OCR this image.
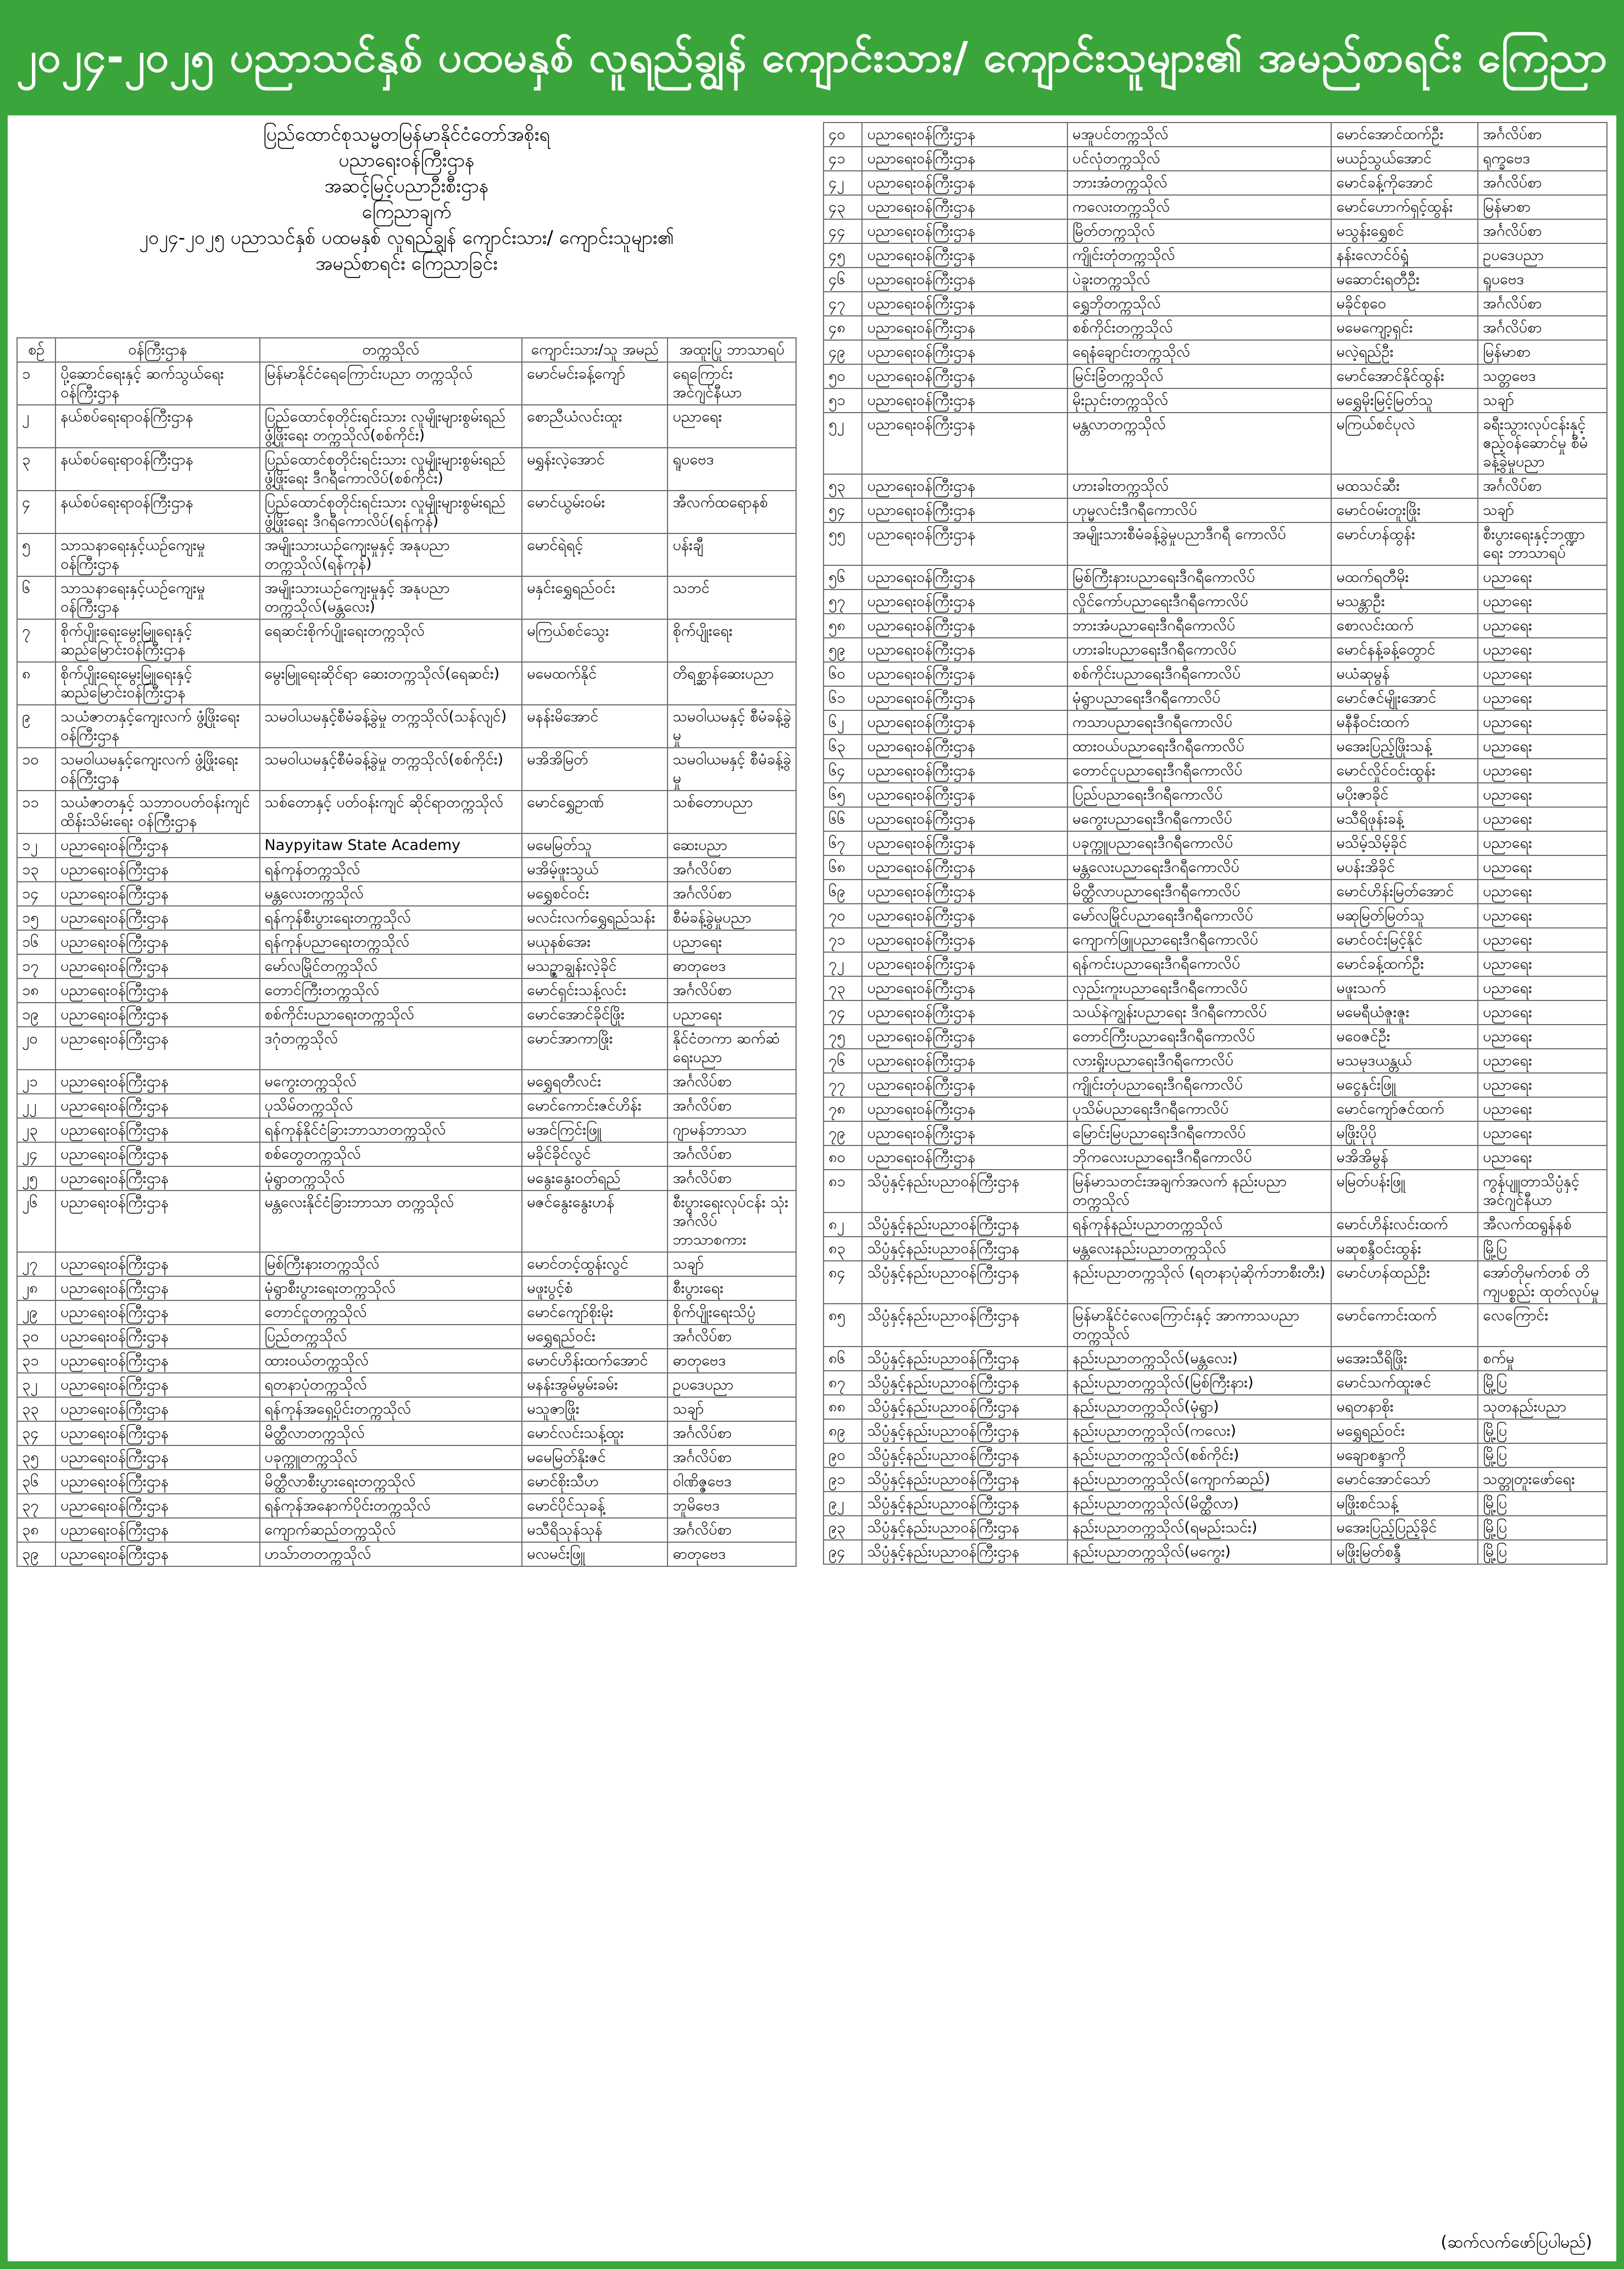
၂၀၂၄-၂၀၂၅ ပညာသင်နှစ် ပထမနှစ် လူရည်ချွန် ကျောင်းသား/ ကျောင်းသူများ၏ အမည်စာရင်း ကြေညာ
ပြည်ထောင်စုသမ္မတမြန်မာနိုင်ငံတော်အစိုးရ
ပညာရေးဝန်ကြီးဌာန
အဆင့်မြင့်ပညာဦးစီးဌာန
ကြေညာချက်
၂၀၂၄-၂၀၂၅ ပညာသင်နှစ် ပထမနှစ် လူရည်ချွန် ကျောင်းသား/ ကျောင်းသူများ၏
အမည်စာရင်း ကြေညာခြင်း
စဉ်	ဝန်ကြီးဌာန	တက္ကသိုလ်	ကျောင်းသား/သူ အမည်	အထူးပြု ဘာသာရပ်
၁	ပို့ဆောင်ရေးနှင့် ဆက်သွယ်ရေးဝန်ကြီးဌာန	မြန်မာနိုင်ငံရေကြောင်းပညာ တက္ကသိုလ်	မောင်မင်းခန့်ကျော်	ရေကြောင်း အင်ဂျင်နီယာ
၂	နယ်စပ်ရေးရာဝန်ကြီးဌာန	ပြည်ထောင်စုတိုင်းရင်းသား လူမျိုးများစွမ်းရည်ဖွံ့ဖြိုးရေး တက္ကသိုလ်(စစ်ကိုင်း)	စောညီယံလင်းထူး	ပညာရေး
၃	နယ်စပ်ရေးရာဝန်ကြီးဌာန	ပြည်ထောင်စုတိုင်းရင်းသား လူမျိုးများစွမ်းရည်ဖွံ့ဖြိုးရေး ဒီဂရီကောလိပ်(စစ်ကိုင်း)	မရွှန်းလဲ့အောင်	ရူပဗေဒ
၄	နယ်စပ်ရေးရာဝန်ကြီးဌာန	ပြည်ထောင်စုတိုင်းရင်းသား လူမျိုးများစွမ်းရည်ဖွံ့ဖြိုးရေး ဒီဂရီကောလိပ်(ရန်ကုန်)	မောင်ယွမ်းဝမ်း	အီလက်ထရောနစ်
၅	သာသနာရေးနှင့်ယဉ်ကျေးမှု ဝန်ကြီးဌာန	အမျိုးသားယဉ်ကျေးမှုနှင့် အနုပညာတက္ကသိုလ်(ရန်ကုန်)	မောင်ရဲရင့်	ပန်းချီ
၆	သာသနာရေးနှင့်ယဉ်ကျေးမှု ဝန်ကြီးဌာန	အမျိုးသားယဉ်ကျေးမှုနှင့် အနုပညာတက္ကသိုလ်(မန္တလေး)	မနှင်းရွှေရည်ဝင်း	သဘင်
၇	စိုက်ပျိုးရေးမွေးမြူရေးနှင့် ဆည်မြောင်းဝန်ကြီးဌာန	ရေဆင်းစိုက်ပျိုးရေးတက္ကသိုလ်	မကြယ်စင်သွေး	စိုက်ပျိုးရေး
၈	စိုက်ပျိုးရေးမွေးမြူရေးနှင့် ဆည်မြောင်းဝန်ကြီးဌာန	မွေးမြူရေးဆိုင်ရာ ဆေးတက္ကသိုလ်(ရေဆင်း)	မမေထက်နိုင်	တိရစ္ဆာန်ဆေးပညာ
၉	သယံဇာတနှင့်ကျေးလက် ဖွံ့ဖြိုးရေးဝန်ကြီးဌာန	သမဝါယမနှင့်စီမံခန့်ခွဲမှု တက္ကသိုလ်(သန်လျင်)	မနန်းမိအောင်	သမဝါယမနှင့် စီမံခန့်ခွဲမှု
၁၀	သမဝါယမနှင့်ကျေးလက် ဖွံ့ဖြိုးရေးဝန်ကြီးဌာန	သမဝါယမနှင့်စီမံခန့်ခွဲမှု တက္ကသိုလ်(စစ်ကိုင်း)	မအိအိမြတ်	သမဝါယမနှင့် စီမံခန့်ခွဲမှု
၁၁	သယံဇာတနှင့် သဘာဝပတ်ဝန်းကျင် ထိန်းသိမ်းရေး ဝန်ကြီးဌာန	သစ်တောနှင့် ပတ်ဝန်းကျင် ဆိုင်ရာတက္ကသိုလ်	မောင်ရွှေဥာဏ်	သစ်တောပညာ
၁၂	ပညာရေးဝန်ကြီးဌာန	Naypyitaw State Academy	မမေမြတ်သူ	ဆေးပညာ
၁၃	ပညာရေးဝန်ကြီးဌာန	ရန်ကုန်တက္ကသိုလ်	မအိမ့်ဖူးသွယ်	အင်္ဂလိပ်စာ
၁၄	ပညာရေးဝန်ကြီးဌာန	မန္တလေးတက္ကသိုလ်	မရွှေစင်ဝင်း	အင်္ဂလိပ်စာ
၁၅	ပညာရေးဝန်ကြီးဌာန	ရန်ကုန်စီးပွားရေးတက္ကသိုလ်	မလင်းလက်ရွှေရည်သန်း	စီမံခန့်ခွဲမှုပညာ
၁၆	ပညာရေးဝန်ကြီးဌာန	ရန်ကုန်ပညာရေးတက္ကသိုလ်	မယုနစ်အေး	ပညာရေး
၁၇	ပညာရေးဝန်ကြီးဌာန	မော်လမြိုင်တက္ကသိုလ်	မသဉ္ဇာချွန်းလဲ့ခိုင်	ဓာတုဗေဒ
၁၈	ပညာရေးဝန်ကြီးဌာန	တောင်ကြီးတက္ကသိုလ်	မောင်ရှင်းသန့်လင်း	အင်္ဂလိပ်စာ
၁၉	ပညာရေးဝန်ကြီးဌာန	စစ်ကိုင်းပညာရေးတက္ကသိုလ်	မောင်အောင်ခိုင်ဖြိုး	ပညာရေး
၂၀	ပညာရေးဝန်ကြီးဌာန	ဒဂုံတက္ကသိုလ်	မောင်အာကာဖြိုး	နိုင်ငံတကာ ဆက်ဆံရေးပညာ
၂၁	ပညာရေးဝန်ကြီးဌာန	မကွေးတက္ကသိုလ်	မရွှေရတီလင်း	အင်္ဂလိပ်စာ
၂၂	ပညာရေးဝန်ကြီးဌာန	ပုသိမ်တက္ကသိုလ်	မောင်ကောင်းဇင်ဟိန်း	အင်္ဂလိပ်စာ
၂၃	ပညာရေးဝန်ကြီးဌာန	ရန်ကုန်နိုင်ငံခြားဘာသာတက္ကသိုလ်	မအင်ကြင်းဖြူ	ဂျာမန်ဘာသာ
၂၄	ပညာရေးဝန်ကြီးဌာန	စစ်တွေတက္ကသိုလ်	မခိုင်ခိုင်လွင်	အင်္ဂလိပ်စာ
၂၅	ပညာရေးဝန်ကြီးဌာန	မုံရွာတက္ကသိုလ်	မနွေးနွေးဝတ်ရည်	အင်္ဂလိပ်စာ
၂၆	ပညာရေးဝန်ကြီးဌာန	မန္တလေးနိုင်ငံခြားဘာသာ တက္ကသိုလ်	မဇင်နွေးနွေးဟန်	စီးပွားရေးလုပ်ငန်း သုံး အင်္ဂလိပ် ဘာသာစကား
၂၇	ပညာရေးဝန်ကြီးဌာန	မြစ်ကြီးနားတက္ကသိုလ်	မောင်တင့်ထွန်းလွင်	သချာ်
၂၈	ပညာရေးဝန်ကြီးဌာန	မုံရွာစီးပွားရေးတက္ကသိုလ်	မဖူးပွင့်စံ	စီးပွားရေး
၂၉	ပညာရေးဝန်ကြီးဌာန	တောင်ငူတက္ကသိုလ်	မောင်ကျော်စိုးမိုး	စိုက်ပျိုးရေးသိပ္ပံ
၃၀	ပညာရေးဝန်ကြီးဌာန	ပြည်တက္ကသိုလ်	မရွှေရည်ဝင်း	အင်္ဂလိပ်စာ
၃၁	ပညာရေးဝန်ကြီးဌာန	ထားဝယ်တက္ကသိုလ်	မောင်ဟိန်းထက်အောင်	ဓာတုဗေဒ
၃၂	ပညာရေးဝန်ကြီးဌာန	ရတနာပုံတက္ကသိုလ်	မနန်းအွမ်မွမ်းခမ်း	ဥပဒေပညာ
၃၃	ပညာရေးဝန်ကြီးဌာန	ရန်ကုန်အရှေ့ပိုင်းတက္ကသိုလ်	မသူဇာဖြိုး	သချာ်
၃၄	ပညာရေးဝန်ကြီးဌာန	မိတ္ထီလာတက္ကသိုလ်	မောင်လင်းသန့်ထူး	အင်္ဂလိပ်စာ
၃၅	ပညာရေးဝန်ကြီးဌာန	ပခုက္ကူတက္ကသိုလ်	မမေမြတ်နိုးဇင်	အင်္ဂလိပ်စာ
၃၆	ပညာရေးဝန်ကြီးဌာန	မိတ္ထီလာစီးပွားရေးတက္ကသိုလ်	မောင်စိုးသီဟ	ဝါဏိဇ္ဇဗေဒ
၃၇	ပညာရေးဝန်ကြီးဌာန	ရန်ကုန်အနောက်ပိုင်းတက္ကသိုလ်	မောင်ပိုင်သုခန့်	ဘူမိဗေဒ
၃၈	ပညာရေးဝန်ကြီးဌာန	ကျောက်ဆည်တက္ကသိုလ်	မသီရိသုန်သုန်	အင်္ဂလိပ်စာ
၃၉	ပညာရေးဝန်ကြီးဌာန	ဟသ်ာတတက္ကသိုလ်	မလမင်းဖြူ	ဓာတုဗေဒ
၄၀	ပညာရေးဝန်ကြီးဌာန	မအူပင်တက္ကသိုလ်	မောင်အောင်ထက်ဦး	အင်္ဂလိပ်စာ
၄၁	ပညာရေးဝန်ကြီးဌာန	ပင်လုံတက္ကသိုလ်	မယဉ်သွယ်အောင်	ရုက္ခဗေဒ
၄၂	ပညာရေးဝန်ကြီးဌာန	ဘားအံတက္ကသိုလ်	မောင်ခန့်ကိုအောင်	အင်္ဂလိပ်စာ
၄၃	ပညာရေးဝန်ကြီးဌာန	ကလေးတက္ကသိုလ်	မောင်ဟောက်ရှင့်ထွန်း	မြန်မာစာ
၄၄	ပညာရေးဝန်ကြီးဌာန	မြိတ်တက္ကသိုလ်	မသွန်းရွှေစင်	အင်္ဂလိပ်စာ
၄၅	ပညာရေးဝန်ကြီးဌာန	ကျိုင်းတုံတက္ကသိုလ်	နန်းလောင်ဝ်ရှံ့	ဥပဒေပညာ
၄၆	ပညာရေးဝန်ကြီးဌာန	ပဲခူးတက္ကသိုလ်	မဆောင်းရတီဦး	ရူပဗေဒ
၄၇	ပညာရေးဝန်ကြီးဌာန	ရွှေဘိုတက္ကသိုလ်	မခိုင်စုဝေ	အင်္ဂလိပ်စာ
၄၈	ပညာရေးဝန်ကြီးဌာန	စစ်ကိုင်းတက္ကသိုလ်	မမေကျော့ရှင်း	အင်္ဂလိပ်စာ
၄၉	ပညာရေးဝန်ကြီးဌာန	ရေနံချောင်းတက္ကသိုလ်	မလဲ့ရည်ဦး	မြန်မာစာ
၅၀	ပညာရေးဝန်ကြီးဌာန	မြင်းခြံတက္ကသိုလ်	မောင်အောင်နိုင်ထွန်း	သတ္တဗေဒ
၅၁	ပညာရေးဝန်ကြီးဌာန	မိုးညှင်းတက္ကသိုလ်	မရွှေမိုးမြင့်မြတ်သူ	သချာ်
၅၂	ပညာရေးဝန်ကြီးဌာန	မန္တလာတက္ကသိုလ်	မကြယ်စင်ပုလဲ	ခရီးသွားလုပ်ငန်းနှင့် ဧည့်ဝန်ဆောင်မှု စီမံခန့်ခွဲမှုပညာ
၅၃	ပညာရေးဝန်ကြီးဌာန	ဟားခါးတက္ကသိုလ်	မထသင်ဆီး	အင်္ဂလိပ်စာ
၅၄	ပညာရေးဝန်ကြီးဌာန	ဟုမ္မလင်းဒီဂရီကောလိပ်	မောင်ဝမ်းတူးဖြိုး	သချာ်
၅၅	ပညာရေးဝန်ကြီးဌာန	အမျိုးသားစီမံခန့်ခွဲမှုပညာဒီဂရီ ကောလိပ်	မောင်ဟန်ထွန်း	စီးပွားရေးနှင့်ဘဏ္ဍာ ရေး ဘာသာရပ်
၅၆	ပညာရေးဝန်ကြီးဌာန	မြစ်ကြီးနားပညာရေးဒီဂရီကောလိပ်	မထက်ရတီမိုး	ပညာရေး
၅၇	ပညာရေးဝန်ကြီးဌာန	လှိုင်ကော်ပညာရေးဒီဂရီကောလိပ်	မသန္တာဦး	ပညာရေး
၅၈	ပညာရေးဝန်ကြီးဌာန	ဘားအံပညာရေးဒီဂရီကောလိပ်	စောလင်းထက်	ပညာရေး
၅၉	ပညာရေးဝန်ကြီးဌာန	ဟားခါးပညာရေးဒီဂရီကောလိပ်	မောင်နန့်ခန့်တွောင်	ပညာရေး
၆၀	ပညာရေးဝန်ကြီးဌာန	စစ်ကိုင်းပညာရေးဒီဂရီကောလိပ်	မယံဆုမွန်	ပညာရေး
၆၁	ပညာရေးဝန်ကြီးဌာန	မုံရွာပညာရေးဒီဂရီကောလိပ်	မောင်ဇင်မျိုးအောင်	ပညာရေး
၆၂	ပညာရေးဝန်ကြီးဌာန	ကသာပညာရေးဒီဂရီကောလိပ်	မနီနီဝင်းထက်	ပညာရေး
၆၃	ပညာရေးဝန်ကြီးဌာန	ထားဝယ်ပညာရေးဒီဂရီကောလိပ်	မအေးပြည့်ဖြိုးသန့်	ပညာရေး
၆၄	ပညာရေးဝန်ကြီးဌာန	တောင်ငူပညာရေးဒီဂရီကောလိပ်	မောင်လှိုင်ဝင်းထွန်း	ပညာရေး
၆၅	ပညာရေးဝန်ကြီးဌာန	ပြည်ပညာရေးဒီဂရီကောလိပ်	မပိုးဇာခိုင်	ပညာရေး
၆၆	ပညာရေးဝန်ကြီးဌာန	မကွေးပညာရေးဒီဂရီကောလိပ်	မသီရိဖုန်းခန့်	ပညာရေး
၆၇	ပညာရေးဝန်ကြီးဌာန	ပခုက္ကူပညာရေးဒီဂရီကောလိပ်	မသိမ့်သိမ့်ခိုင်	ပညာရေး
၆၈	ပညာရေးဝန်ကြီးဌာန	မန္တလေးပညာရေးဒီဂရီကောလိပ်	မပန်းအိခိုင်	ပညာရေး
၆၉	ပညာရေးဝန်ကြီးဌာန	မိတ္ထီလာပညာရေးဒီဂရီကောလိပ်	မောင်ဟိန်းမြတ်အောင်	ပညာရေး
၇၀	ပညာရေးဝန်ကြီးဌာန	မော်လမြိုင်ပညာရေးဒီဂရီကောလိပ်	မဆုမြတ်မြတ်သူ	ပညာရေး
၇၁	ပညာရေးဝန်ကြီးဌာန	ကျောက်ဖြူပညာရေးဒီဂရီကောလိပ်	မောင်ဝင်းမြင့်နိုင်	ပညာရေး
၇၂	ပညာရေးဝန်ကြီးဌာန	ရန်ကင်းပညာရေးဒီဂရီကောလိပ်	မောင်ခန့်ထက်ဦး	ပညာရေး
၇၃	ပညာရေးဝန်ကြီးဌာန	လှည်းကူးပညာရေးဒီဂရီကောလိပ်	မဖူးသက်	ပညာရေး
၇၄	ပညာရေးဝန်ကြီးဌာန	သယ်နဲကျွန်းပညာရေး ဒီဂရီကောလိပ်	မမေရီယံဇူးဇူး	ပညာရေး
၇၅	ပညာရေးဝန်ကြီးဌာန	တောင်ကြီးပညာရေးဒီဂရီကောလိပ်	မဝေဇင်ဦး	ပညာရေး
၇၆	ပညာရေးဝန်ကြီးဌာန	လားရှိုးပညာရေးဒီဂရီကောလိပ်	မသမုဒယန္တယ်	ပညာရေး
၇၇	ပညာရေးဝန်ကြီးဌာန	ကျိုင်းတုံပညာရေးဒီဂရီကောလိပ်	မငွေနှင်းဖြူ	ပညာရေး
၇၈	ပညာရေးဝန်ကြီးဌာန	ပုသိမ်ပညာရေးဒီဂရီကောလိပ်	မောင်ကျော်ဇင်ထက်	ပညာရေး
၇၉	ပညာရေးဝန်ကြီးဌာန	မြောင်းမြပညာရေးဒီဂရီကောလိပ်	မဖြိုးပိုပို	ပညာရေး
၈၀	ပညာရေးဝန်ကြီးဌာန	ဘိုကလေးပညာရေးဒီဂရီကောလိပ်	မအိအိမွန်	ပညာရေး
၈၁	သိပ္ပံနှင့်နည်းပညာဝန်ကြီးဌာန	မြန်မာသတင်းအချက်အလက် နည်းပညာတက္ကသိုလ်	မမြတ်ပန်းဖြူ	ကွန်ပျူတာသိပ္ပံနှင့် အင်ဂျင်နီယာ
၈၂	သိပ္ပံနှင့်နည်းပညာဝန်ကြီးဌာန	ရန်ကုန်နည်းပညာတက္ကသိုလ်	မောင်ဟိန်းလင်းထက်	အီလက်ထရွန်နစ်
၈၃	သိပ္ပံနှင့်နည်းပညာဝန်ကြီးဌာန	မန္တလေးနည်းပညာတက္ကသိုလ်	မဆုစန္ဒီဝင်းထွန်း	မြို့ပြ
၈၄	သိပ္ပံနှင့်နည်းပညာဝန်ကြီးဌာန	နည်းပညာတက္ကသိုလ် (ရတနာပုံဆိုက်ဘာစီးတီး)	မောင်ဟန်ထည်ဦး	အော်တိုမက်တစ် တိကျပစ္စည်း ထုတ်လုပ်မှု
၈၅	သိပ္ပံနှင့်နည်းပညာဝန်ကြီးဌာန	မြန်မာနိုင်ငံလေကြောင်းနှင့် အာကာသပညာတက္ကသိုလ်	မောင်ကောင်းထက်	လေကြောင်း
၈၆	သိပ္ပံနှင့်နည်းပညာဝန်ကြီးဌာန	နည်းပညာတက္ကသိုလ်(မန္တလေး)	မအေးသီရိဖြိုး	စက်မှု
၈၇	သိပ္ပံနှင့်နည်းပညာဝန်ကြီးဌာန	နည်းပညာတက္ကသိုလ်(မြစ်ကြီးနား)	မောင်သက်ထူးဇင်	မြို့ပြ
၈၈	သိပ္ပံနှင့်နည်းပညာဝန်ကြီးဌာန	နည်းပညာတက္ကသိုလ်(မုံရွာ)	မရတနာစိုး	သုတနည်းပညာ
၈၉	သိပ္ပံနှင့်နည်းပညာဝန်ကြီးဌာန	နည်းပညာတက္ကသိုလ်(ကလေး)	မရွှေရည်ဝင်း	မြို့ပြ
၉၀	သိပ္ပံနှင့်နည်းပညာဝန်ကြီးဌာန	နည်းပညာတက္ကသိုလ်(စစ်ကိုင်း)	မချောစန္ဒာကို	မြို့ပြ
၉၁	သိပ္ပံနှင့်နည်းပညာဝန်ကြီးဌာန	နည်းပညာတက္ကသိုလ်(ကျောက်ဆည်)	မောင်အောင်သော်	သတ္တုတူးဖော်ရေး
၉၂	သိပ္ပံနှင့်နည်းပညာဝန်ကြီးဌာန	နည်းပညာတက္ကသိုလ်(မိတ္ထီလာ)	မဖြိုးစင်သန့်	မြို့ပြ
၉၃	သိပ္ပံနှင့်နည်းပညာဝန်ကြီးဌာန	နည်းပညာတက္ကသိုလ်(ရမည်းသင်း)	မအေးပြည့်ပြည့်ခိုင်	မြို့ပြ
၉၄	သိပ္ပံနှင့်နည်းပညာဝန်ကြီးဌာန	နည်းပညာတက္ကသိုလ်(မကွေး)	မဖြိုးမြတ်စန္ဒီ	မြို့ပြ
(ဆက်လက်ဖော်ပြပါမည်)
